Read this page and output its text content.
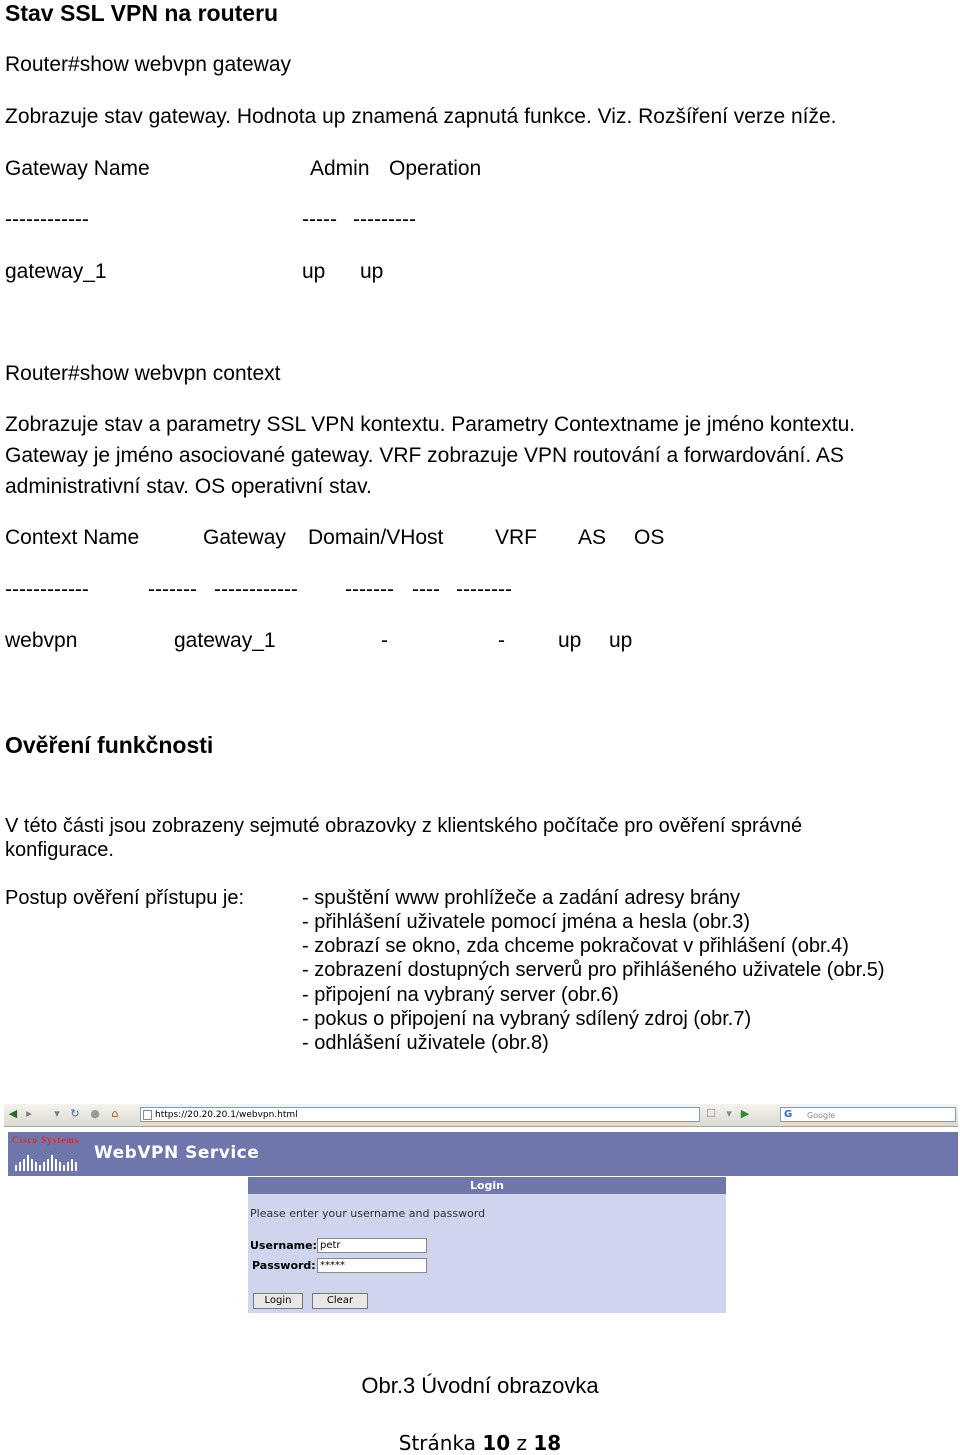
Stav SSL VPN na routeru
Router#show webvpn gateway
Zobrazuje stav gateway. Hodnota up znamená zapnutá funkce. Viz. Rozšíření verze níže.
Gateway Name	Admin Operation
------------	----- ---------
gateway_1	up up
Router#show webvpn context
Zobrazuje stav a parametry SSL VPN kontextu. Parametry Contextname je jméno kontextu.
Gateway je jméno asociované gateway. VRF zobrazuje VPN routování a forwardování. AS
administrativní stav. OS operativní stav.
Context Name	Gateway Domain/VHost VRF AS OS
------------	------- ------------ ------- ---- --------
webvpn	gateway_1	-	-	up up
Ověření funkčnosti
V této části jsou zobrazeny sejmuté obrazovky z klientského počítače pro ověření správné
konfigurace.
Postup ověření přístupu je:	- spuštění www prohlížeče a zadání adresy brány
- přihlášení uživatele pomocí jména a hesla (obr.3)
- zobrazí se okno, zda chceme pokračovat v přihlášení (obr.4)
- zobrazení dostupných serverů pro přihlášeného uživatele (obr.5)
- připojení na vybraný server (obr.6)
- pokus o připojení na vybraný sdílený zdroj (obr.7)
- odhlášení uživatele (obr.8)
◀ ▸	▾ ↻ ●	⌂	https://20.20.20.1/webvpn.html	☐ ▾ ▶	G Google
Cisco Systems
WebVPN Service
Login
Please enter your username and password
Username: petr
Password: *****
Login	Clear
Obr.3 Úvodní obrazovka
Stránka 10 z 18
